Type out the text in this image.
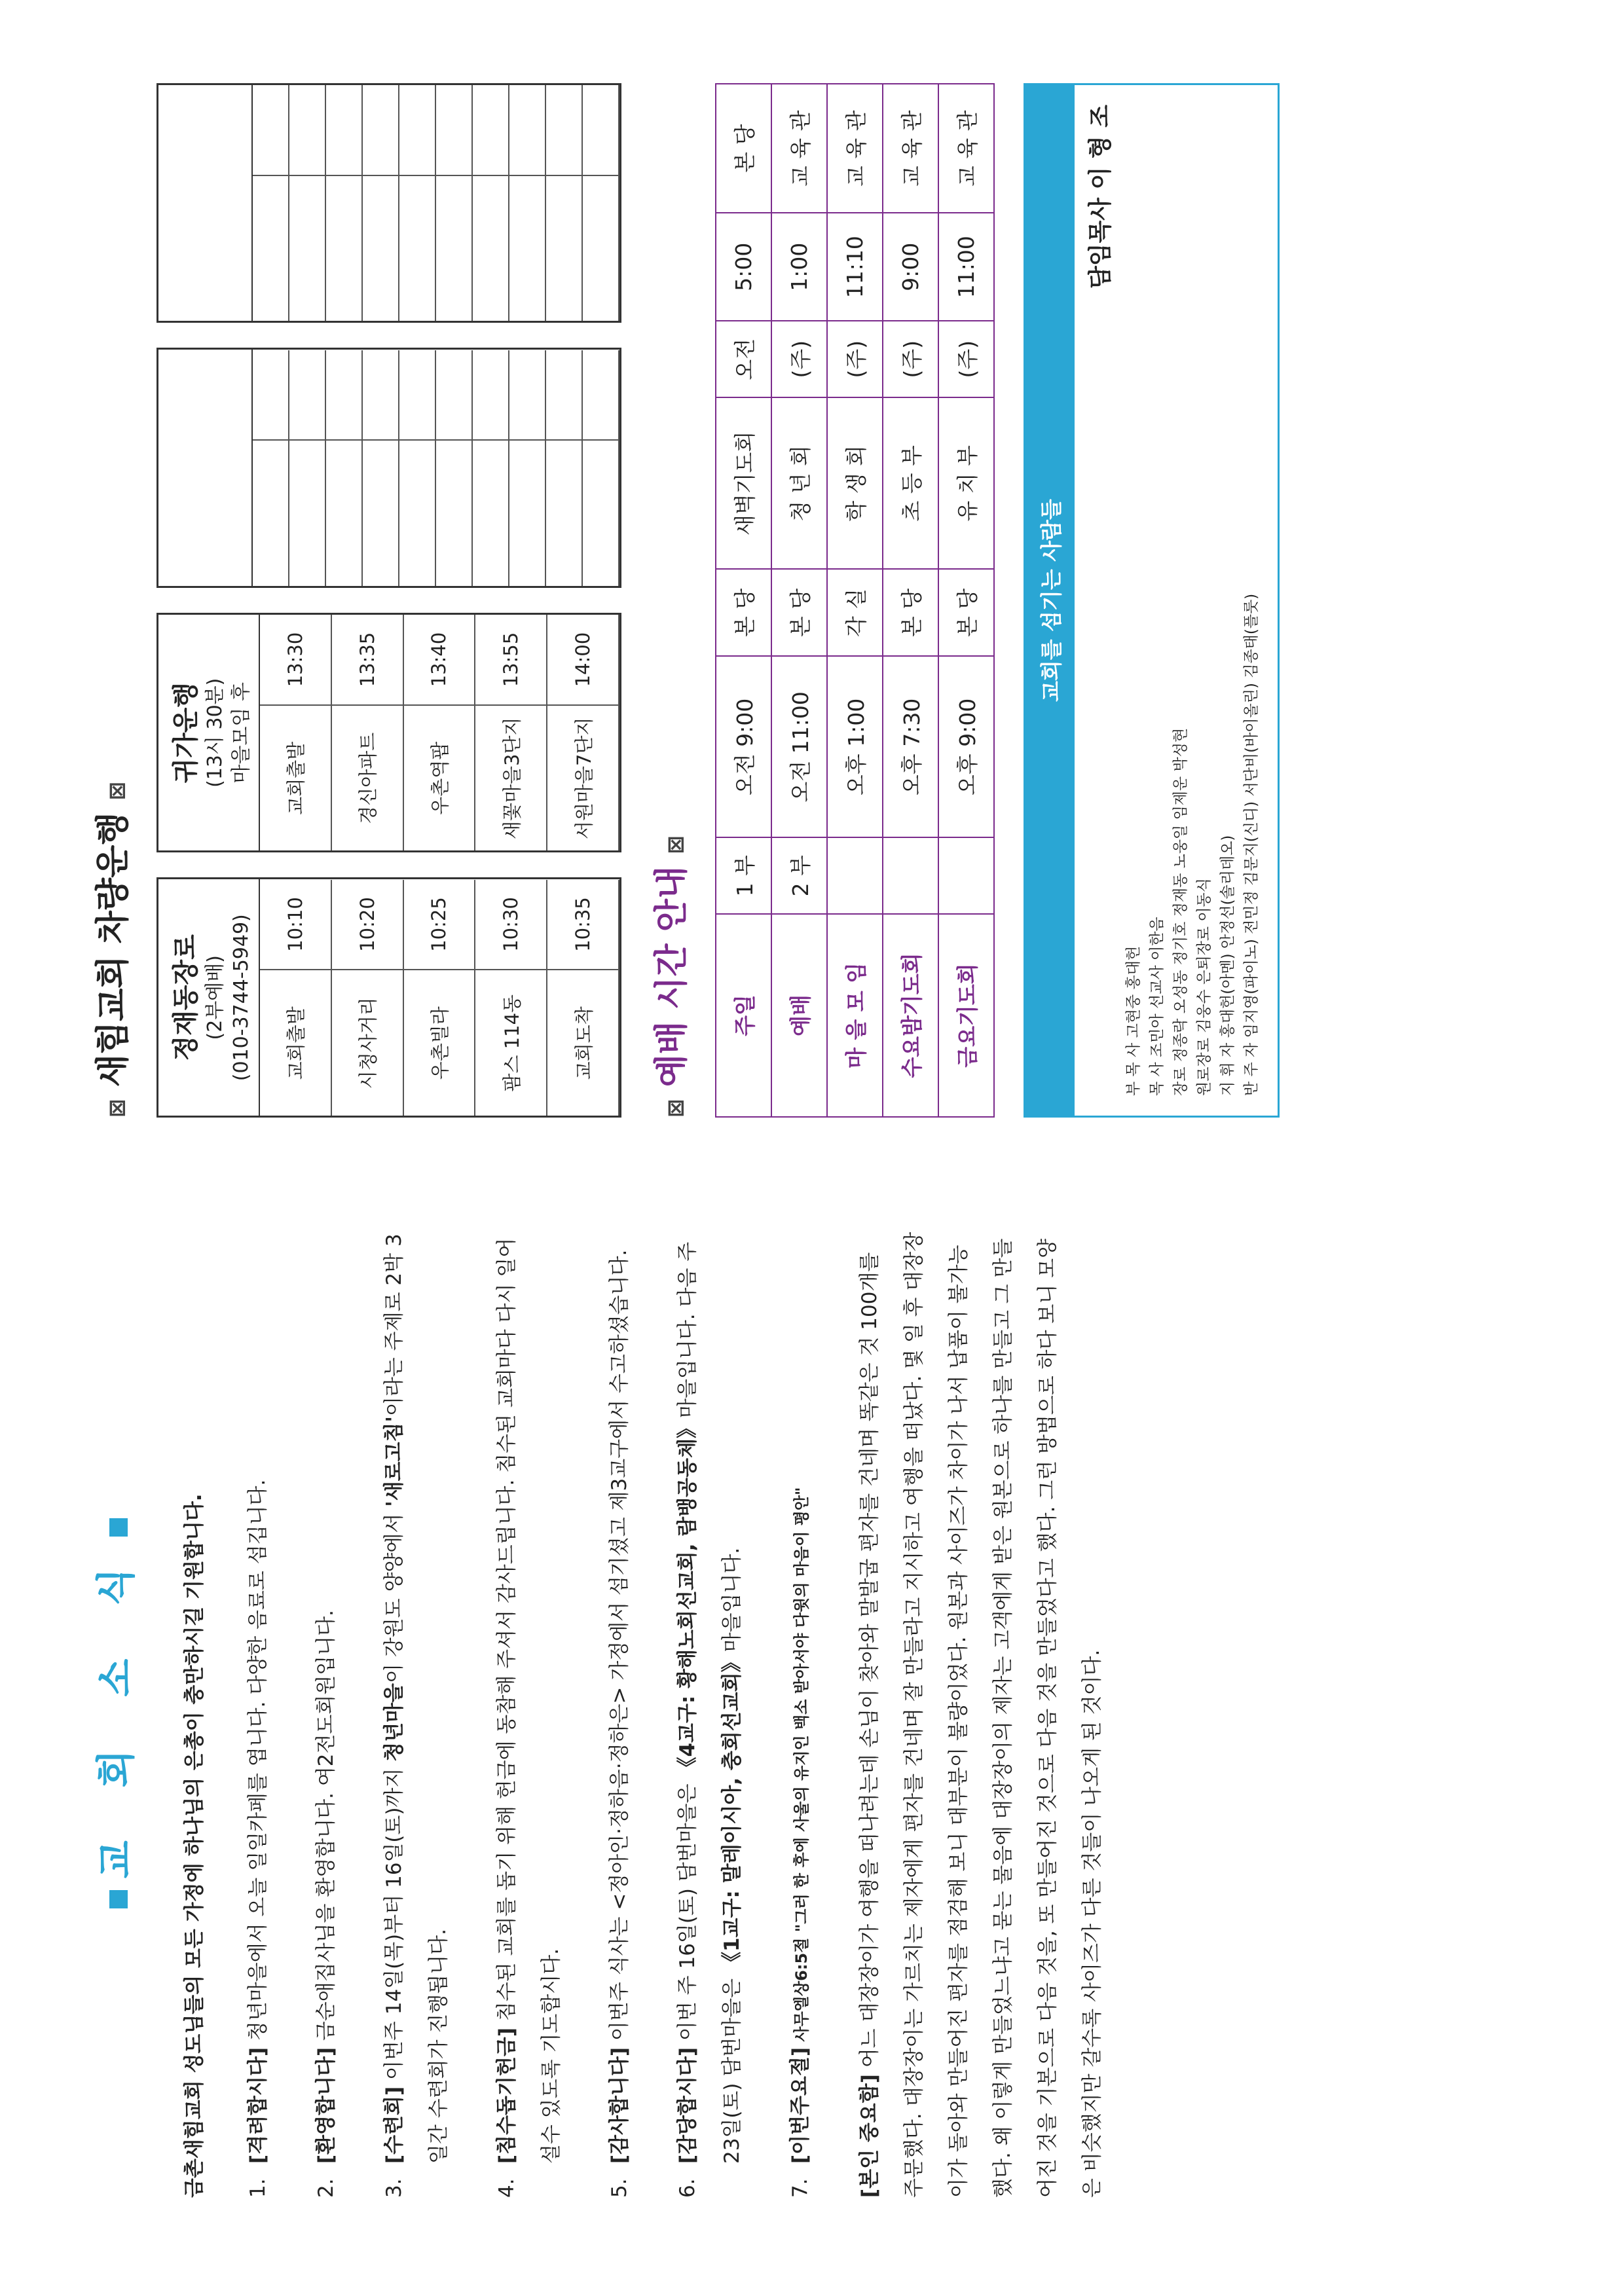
교 회 소 식 금촌새힘교회 성도님들의 모든 가정에 하나님의 은총이 충만하시길 기원합니다.	1.
[격려합시다] 청년마을에서 오늘 일일카페를 엽니다. 다양한 음료로 섬깁니다.
2.
[환영합니다] 금순애집사님을 환영합니다. 여2전도회원입니다.
3.
[수련회] 이번주 14일(목)부터 16일(토)까지 청년마을이 강원도 양양에서 '새로고침'이라는 주제로 2박 3일간 수련회가 진행됩니다.
4.
[침수돕기헌금] 침수된 교회를 돕기 위해 헌금에 동참해 주셔서 감사드립니다. 침수된 교회마다 다시 일어설수 있도록 기도합시다.
5.
[감사합니다] 이번주 식사는 <정아인·정하음·정하은> 가정에서 섬기셨고 제3교구에서 수고하셨습니다.
6.
[감당합시다] 이번 주 16일(토) 담번마을은 《4교구: 황해노회선교회, 람뱅공동체》마을입니다. 다음 주 23일(토) 담번마을은 《1교구: 말레이시아, 충회선교회》마을입니다.
7.
[이번주요절] 사무엘상6:5절 "그러 한 후에 사울의 유지인 백소 받아서야 다윗의 마음이 평안"

[본인 중요함] 어느 대장장이가 여행을 떠나려는데 손님이 찾아와 말발굽 편자를 건네며 똑같은 것 100개를 주문했다. 대장장이는 가르치는 제자에게 편자를 건네며 잘 만들라고 지시하고 여행을 떠났다. 몇 일 후 대장장이가 돌아와 만들어진 편자를 점검해 보니 대부분이 불량이었다. 원본과 사이즈가 차이가 나서 납품이 불가능했다. 왜 이렇게 만들었느냐고 묻는 물음에 대장장이의 제자는 고객에게 받은 원본으로 하나를 만들고 그 만들어진 것을 기본으로 다음 것을, 또 만들어진 것으로 다음 것을 만들었다고 했다. 그런 방법으로 하다 보니 모양은 비슷했지만 갈수록 사이즈가 다른 것들이 나오게 된 것이다.

⊠ 새힘교회 차량운행 ⊠
정재동장로 (2부예배) (010-3744-5949)	교회출발
10:10
시청사거리
10:20
우촌빌라
10:25
팜스 114동
10:30
교회도착
10:35
귀가운행 (13시 30분) 마을모임 후	교회출발
13:30
경신아파트
13:35
우촌역팝
13:40
새꽃마을3단지
13:55
서원마을7단지
14:00

⊠ 예배 시간 안내 ⊠
주일	1 부	오전 9:00	본 당	새벽기도회	오전	5:00	본 당
예배	2 부	오전 11:00	본 당	청 년 회	(주)	1:00	교 육 관
마 을 모 임		오후 1:00	각 실	학 생 회	(주)	11:10	교 육 관
수요밤기도회		오후 7:30	본 당	초 등 부	(주)	9:00	교 육 관
금요기도회		오후 9:00	본 당	유 치 부	(주)	11:00	교 육 관
교회를 섬기는 사람들
담임목사 이 형 조
부 목 사 고현중 홍대헌 목 사 조민아 선교사 이한음 장로 정종락 오성동 정기호 정재동 노웅일 임제운 박성현 원로장로 김웅수 은퇴장로 이동식 지 휘 자 홍대헌(아멘) 안정선(솔리데오) 반 주 자 임지영(파이노) 전민정 김문지(신디) 서단비(바이올린) 김종태(플룻)
